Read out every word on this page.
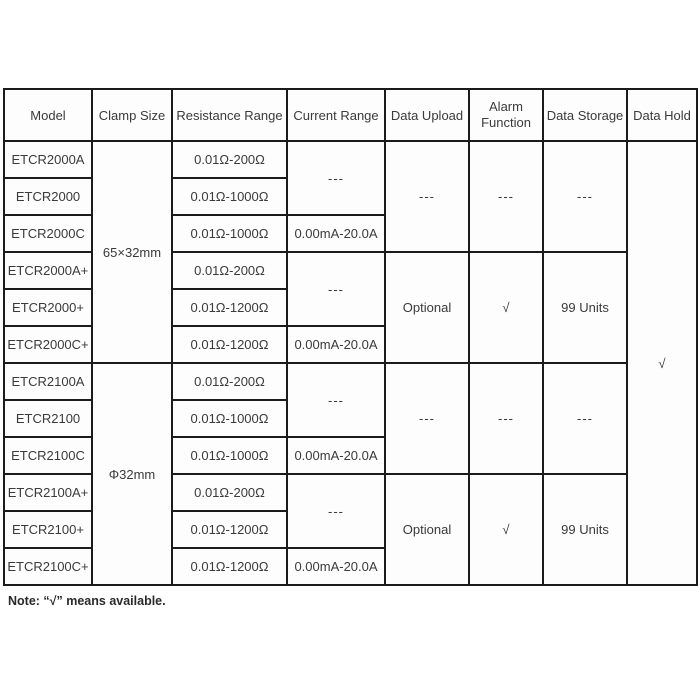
Model	Clamp Size	Resistance Range	Current Range	Data Upload	Alarm Function	Data Storage	Data Hold
ETCR2000A	65×32mm	0.01Ω-200Ω	---	---	---	---	√
ETCR2000		0.01Ω-1000Ω					
ETCR2000C		0.01Ω-1000Ω	0.00mA-20.0A				
ETCR2000A+		0.01Ω-200Ω	---	Optional	√	99 Units	
ETCR2000+		0.01Ω-1200Ω					
ETCR2000C+		0.01Ω-1200Ω	0.00mA-20.0A				
ETCR2100A	Φ32mm	0.01Ω-200Ω	---	---	---	---	
ETCR2100		0.01Ω-1000Ω					
ETCR2100C		0.01Ω-1000Ω	0.00mA-20.0A				
ETCR2100A+		0.01Ω-200Ω	---	Optional	√	99 Units	
ETCR2100+		0.01Ω-1200Ω					
ETCR2100C+		0.01Ω-1200Ω	0.00mA-20.0A				
Note: “√” means available.
